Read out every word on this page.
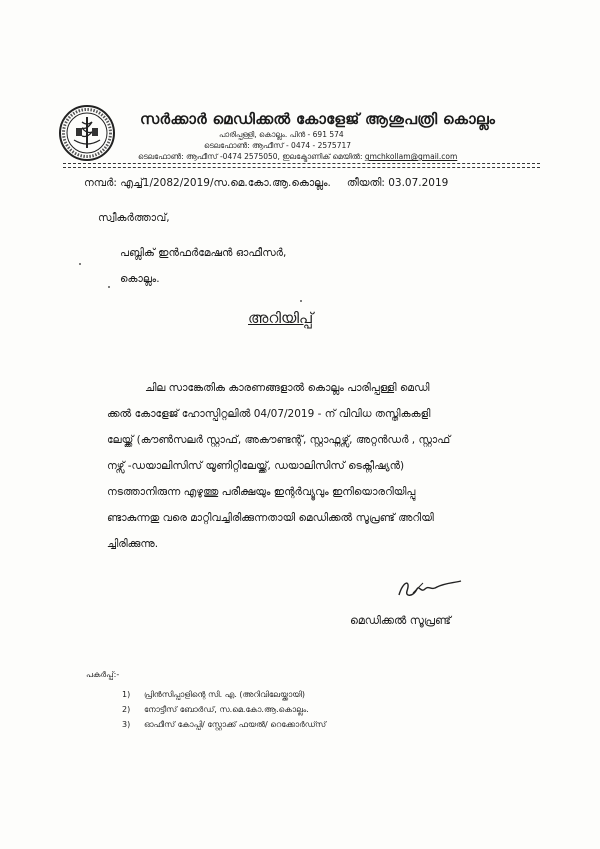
സർക്കാർ മെഡിക്കൽ കോളേജ് ആശുപത്രി കൊല്ലം
പാരിപ്പള്ളി, കൊല്ലം. പിൻ - 691 574
ടെലഫോൺ: ആഫീസ് - 0474 - 2575717
ടെലഫോൺ: ആഫീസ് -0474 2575050, ഇലക്ട്രോണിക് മെയിൽ: gmchkollam@gmail.com
നമ്പർ: എച്ച്1/2082/2019/സ.മെ.കോ.ആ.കൊല്ലം. തീയതി: 03.07.2019
സ്വീകർത്താവ്,
പബ്ലിക് ഇൻഫർമേഷൻ ഓഫീസർ,
കൊല്ലം.
അറിയിപ്പ്
ചില സാങ്കേതിക കാരണങ്ങളാൽ കൊല്ലം പാരിപ്പള്ളി മെഡി
ക്കൽ കോളേജ് ഹോസ്പിറ്റലിൽ 04/07/2019 - ന് വിവിധ തസ്തികകളി
ലേയ്ക്ക് (കൗൺസലർ സ്റ്റാഫ്, അകൗണ്ടന്റ്, സ്റ്റാഫ്നഴ്സ്, അറ്റൻഡർ , സ്റ്റാഫ്
നഴ്സ് -ഡയാലിസിസ് യൂണിറ്റിലേയ്ക്ക്, ഡയാലിസിസ് ടെക്നീഷ്യൻ)
നടത്താനിരുന്ന എഴുത്തു പരീക്ഷയും ഇന്റർവ്യൂവും ഇനിയൊരറിയിപ്പു
ണ്ടാകുന്നതു വരെ മാറ്റിവച്ചിരിക്കുന്നതായി മെഡിക്കൽ സൂപ്രണ്ട് അറിയി
ച്ചിരിക്കുന്നു.
മെഡിക്കൽ സൂപ്രണ്ട്
പകർപ്പ്:-
1) പ്രിൻസിപ്പാളിന്റെ സി. എ. (അറിവിലേയ്ക്കായി)
2) നോട്ടീസ് ബോർഡ്, സ.മെ.കോ.ആ.കൊല്ലം.
3) ഓഫീസ് കോപ്പി/ സ്റ്റോക്ക് ഫയൽ/ റെക്കോർഡ്സ്
